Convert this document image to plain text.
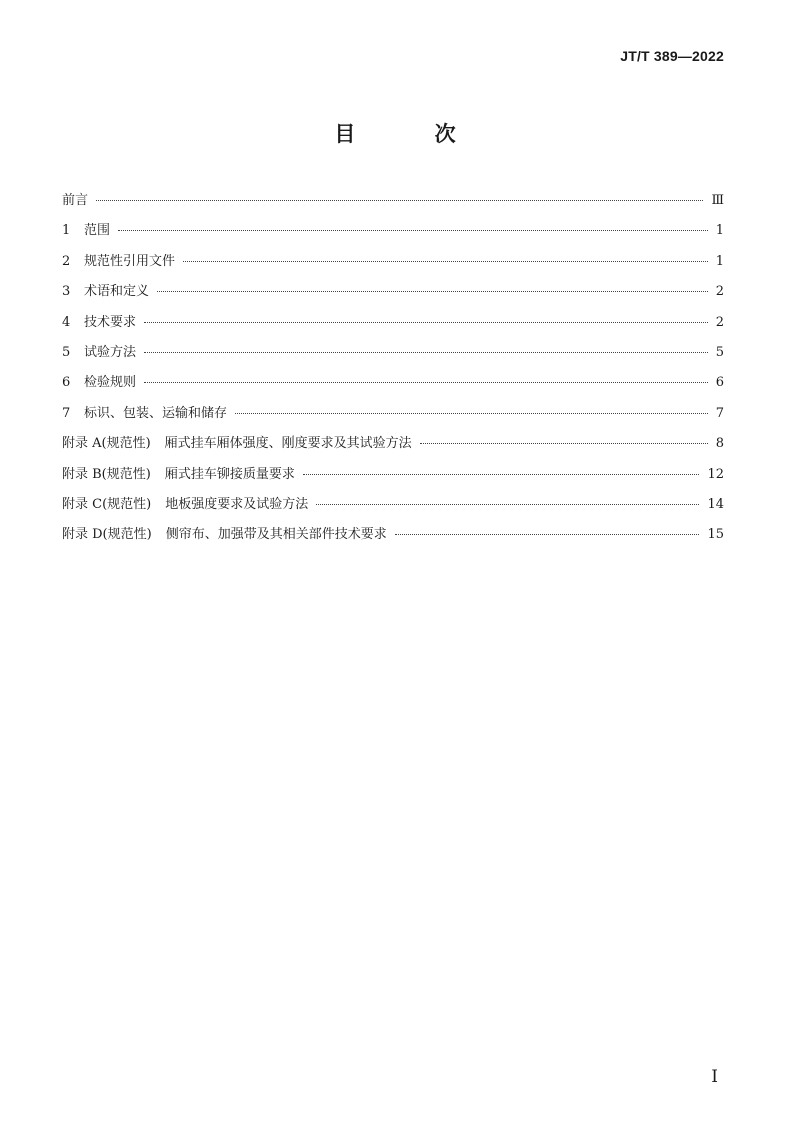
JT/T 389—2022
目 次
前言	Ⅲ
1	范围	1
2	规范性引用文件	1
3	术语和定义	2
4	技术要求	2
5	试验方法	5
6	检验规则	6
7	标识、包装、运输和储存	7
附录 A(规范性) 厢式挂车厢体强度、刚度要求及其试验方法	8
附录 B(规范性) 厢式挂车铆接质量要求	12
附录 C(规范性) 地板强度要求及试验方法	14
附录 D(规范性) 侧帘布、加强带及其相关部件技术要求	15
I
